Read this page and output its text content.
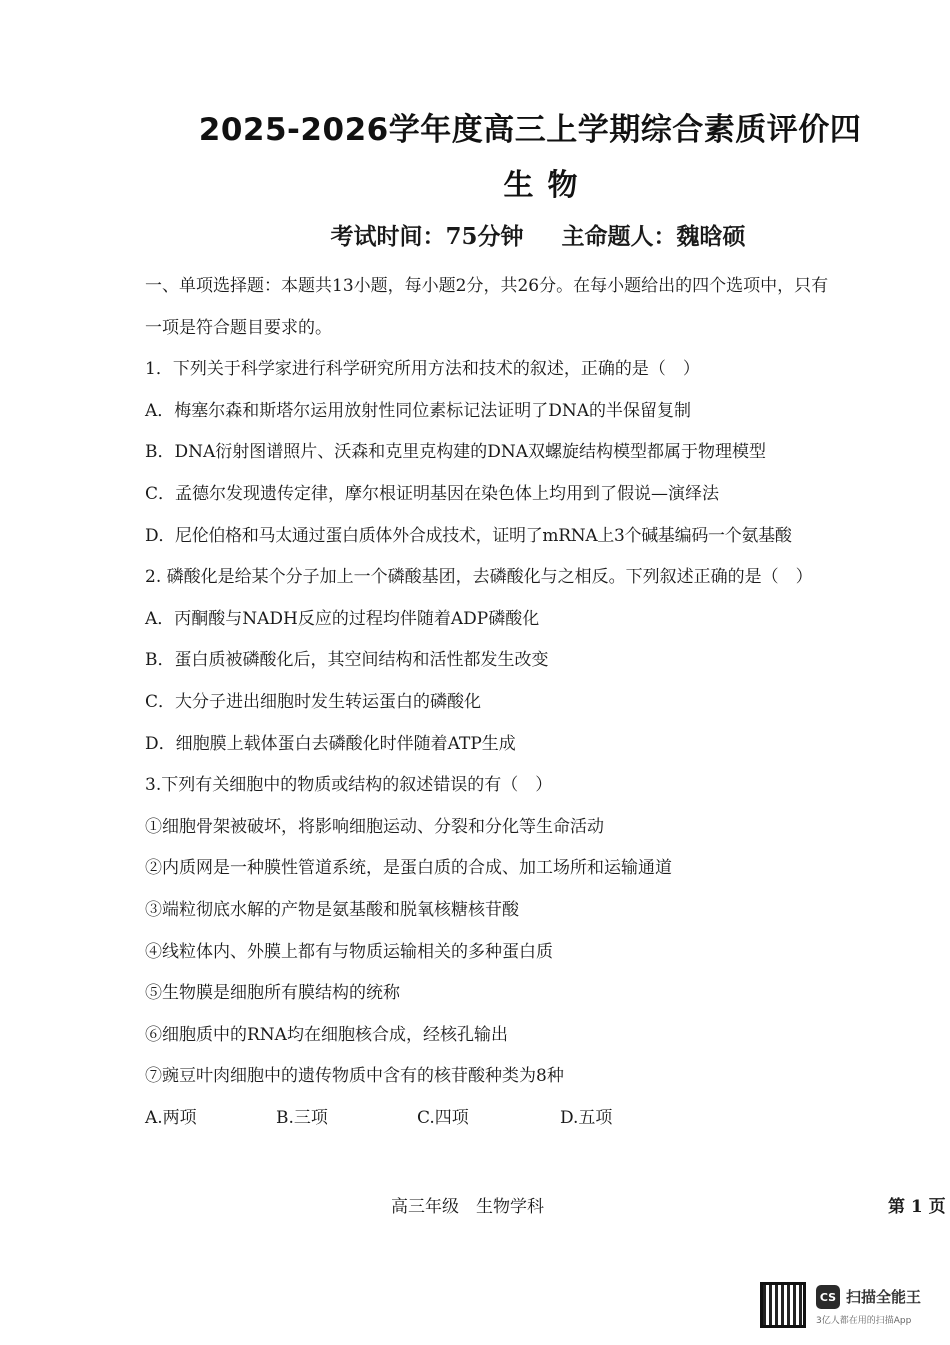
2025-2026学年度高三上学期综合素质评价四
生物
考试时间：75分钟 主命题人：魏晗硕
一、单项选择题：本题共13小题，每小题2分，共26分。在每小题给出的四个选项中，只有
一项是符合题目要求的。
1．下列关于科学家进行科学研究所用方法和技术的叙述，正确的是（　）
A．梅塞尔森和斯塔尔运用放射性同位素标记法证明了DNA的半保留复制
B．DNA衍射图谱照片、沃森和克里克构建的DNA双螺旋结构模型都属于物理模型
C．孟德尔发现遗传定律，摩尔根证明基因在染色体上均用到了假说—演绎法
D．尼伦伯格和马太通过蛋白质体外合成技术，证明了mRNA上3个碱基编码一个氨基酸
2. 磷酸化是给某个分子加上一个磷酸基团，去磷酸化与之相反。下列叙述正确的是（　）
A．丙酮酸与NADH反应的过程均伴随着ADP磷酸化
B．蛋白质被磷酸化后，其空间结构和活性都发生改变
C．大分子进出细胞时发生转运蛋白的磷酸化
D．细胞膜上载体蛋白去磷酸化时伴随着ATP生成
3.下列有关细胞中的物质或结构的叙述错误的有（　）
①细胞骨架被破坏，将影响细胞运动、分裂和分化等生命活动
②内质网是一种膜性管道系统，是蛋白质的合成、加工场所和运输通道
③端粒彻底水解的产物是氨基酸和脱氧核糖核苷酸
④线粒体内、外膜上都有与物质运输相关的多种蛋白质
⑤生物膜是细胞所有膜结构的统称
⑥细胞质中的RNA均在细胞核合成，经核孔输出
⑦豌豆叶肉细胞中的遗传物质中含有的核苷酸种类为8种
A.两项	B.三项	C.四项	D.五项
高三年级　生物学科	第 1 页
CS 扫描全能王
3亿人都在用的扫描App
